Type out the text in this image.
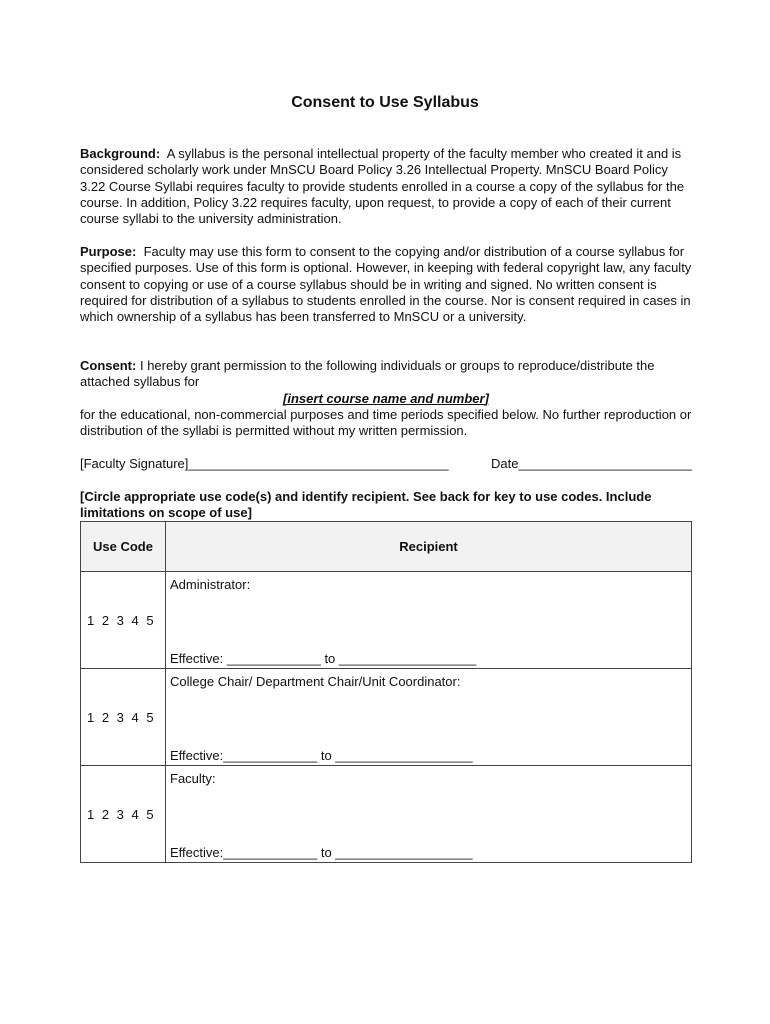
Consent to Use Syllabus
Background: A syllabus is the personal intellectual property of the faculty member who created it and is considered scholarly work under MnSCU Board Policy 3.26 Intellectual Property. MnSCU Board Policy 3.22 Course Syllabi requires faculty to provide students enrolled in a course a copy of the syllabus for the course. In addition, Policy 3.22 requires faculty, upon request, to provide a copy of each of their current course syllabi to the university administration.
Purpose: Faculty may use this form to consent to the copying and/or distribution of a course syllabus for specified purposes. Use of this form is optional. However, in keeping with federal copyright law, any faculty consent to copying or use of a course syllabus should be in writing and signed. No written consent is required for distribution of a syllabus to students enrolled in the course. Nor is consent required in cases in which ownership of a syllabus has been transferred to MnSCU or a university.
Consent: I hereby grant permission to the following individuals or groups to reproduce/distribute the attached syllabus for
[insert course name and number]
for the educational, non-commercial purposes and time periods specified below. No further reproduction or distribution of the syllabi is permitted without my written permission.
[Faculty Signature]____________________________________	Date________________________
[Circle appropriate use code(s) and identify recipient. See back for key to use codes. Include limitations on scope of use]
Use Code	Recipient
1 2 3 4 5	Administrator:
Effective: _____________ to ___________________

1 2 3 4 5	College Chair/ Department Chair/Unit Coordinator:
Effective:_____________ to ___________________

1 2 3 4 5	Faculty:
Effective:_____________ to ___________________
